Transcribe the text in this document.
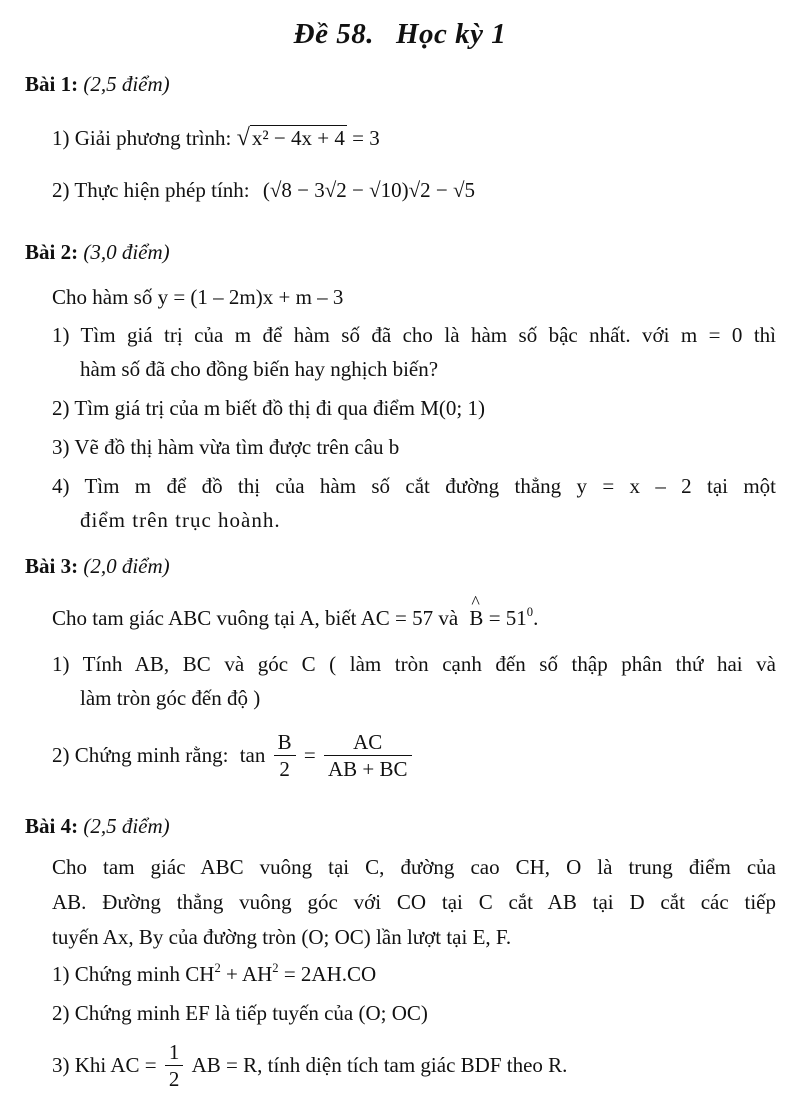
Đề 58. Học kỳ 1
Bài 1: (2,5 điểm)
1) Giải phương trình: √x² − 4x + 4 = 3
2) Thực hiện phép tính: (√8 − 3√2 − √10)√2 − √5
Bài 2: (3,0 điểm)
Cho hàm số y = (1 – 2m)x + m – 3
1) Tìm giá trị của m để hàm số đã cho là hàm số bậc nhất. với m = 0 thì
hàm số đã cho đồng biến hay nghịch biến?
2) Tìm giá trị của m biết đồ thị đi qua điểm M(0; 1)
3) Vẽ đồ thị hàm vừa tìm được trên câu b
4) Tìm m để đồ thị của hàm số cắt đường thẳng y = x – 2 tại một
điểm trên trục hoành.
Bài 3: (2,0 điểm)
Cho tam giác ABC vuông tại A, biết AC = 57 và ^ $B = 51^0$.
1) Tính AB, BC và góc C ( làm tròn cạnh đến số thập phân thứ hai và
làm tròn góc đến độ )
2) Chứng minh rằng: $\tan \frac{B}{2} = \frac{AC}{AB + BC}$
Bài 4: (2,5 điểm)
Cho tam giác ABC vuông tại C, đường cao CH, O là trung điểm của
AB. Đường thẳng vuông góc với CO tại C cắt AB tại D cắt các tiếp
tuyến Ax, By của đường tròn (O; OC) lần lượt tại E, F.
1) Chứng minh $CH^2 + AH^2 = 2AH.CO$
2) Chứng minh EF là tiếp tuyến của (O; OC)
3) Khi AC = $\frac{1}{2}$ AB = R, tính diện tích tam giác BDF theo R.
